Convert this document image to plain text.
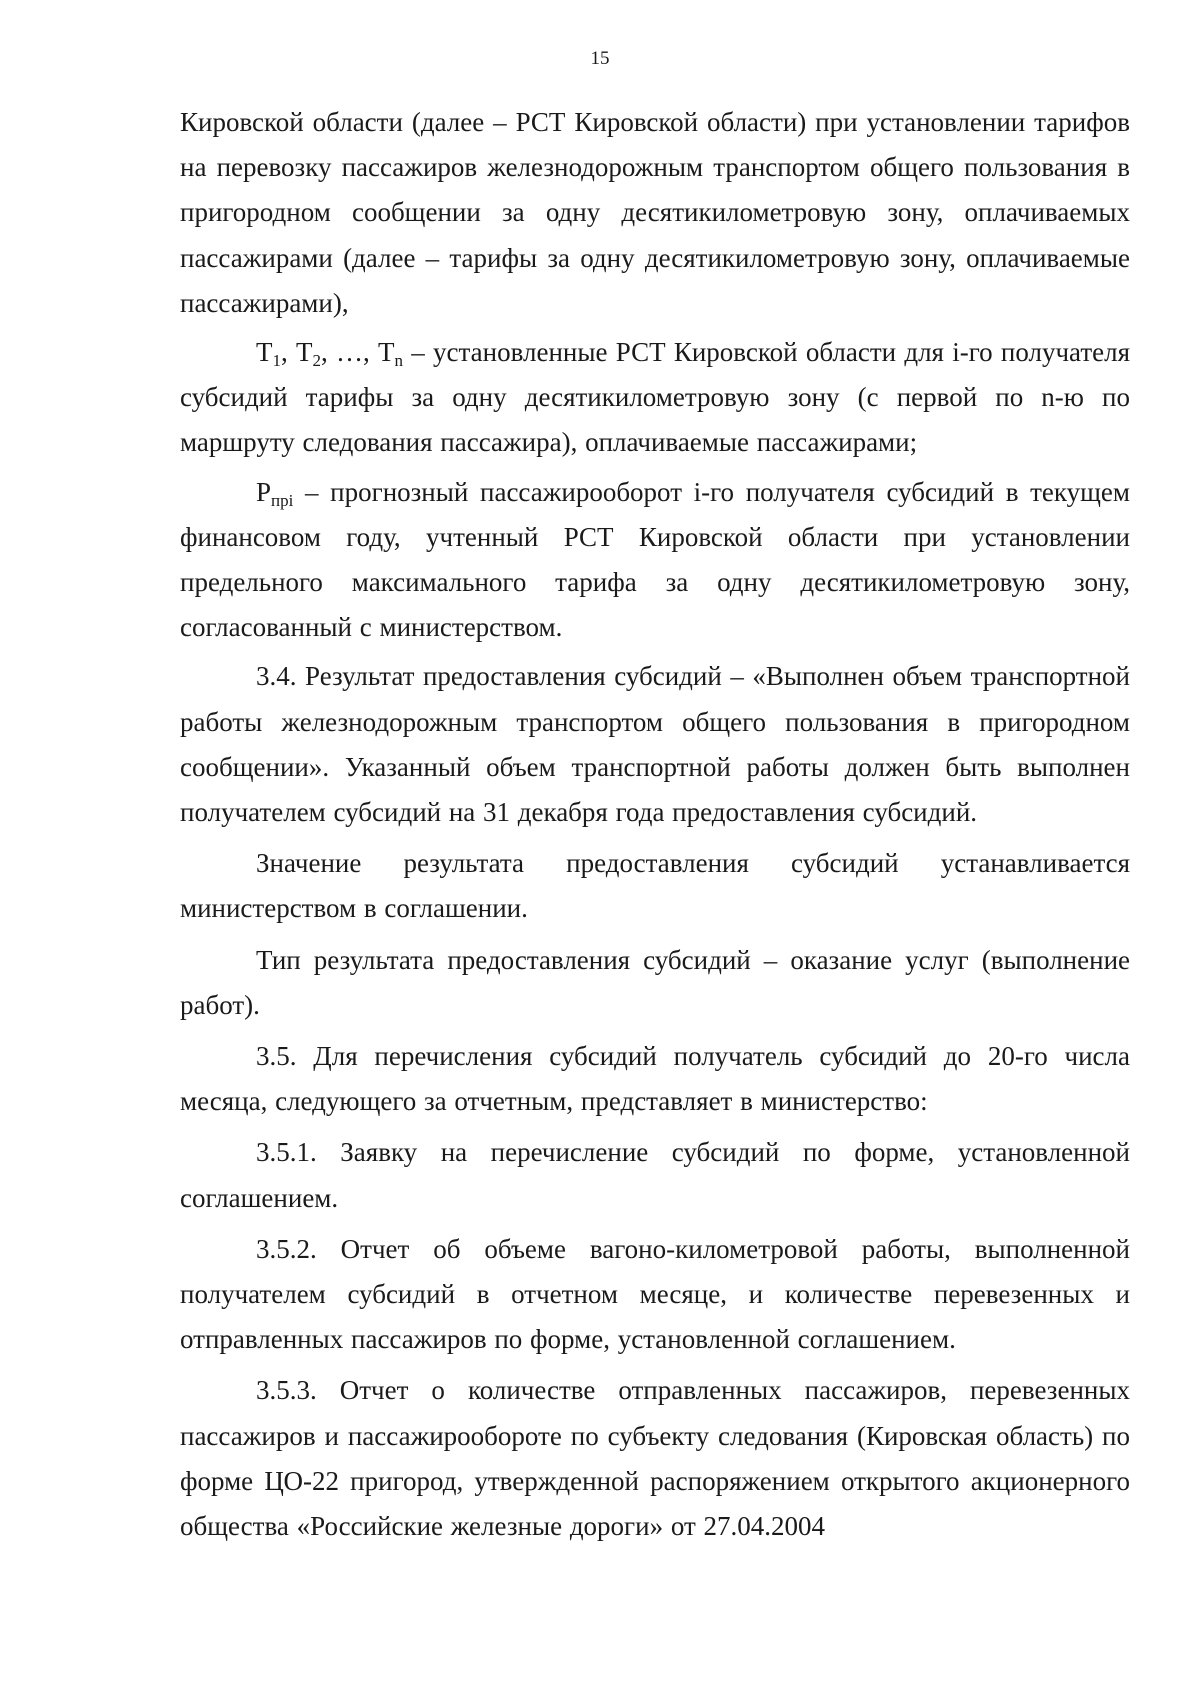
15

Кировской области (далее – РСТ Кировской области) при установлении тарифов на перевозку пассажиров железнодорожным транспортом общего пользования в пригородном сообщении за одну десятикилометровую зону, оплачиваемых пассажирами (далее – тарифы за одну десятикилометровую зону, оплачиваемые пассажирами),

$Т_1$, $Т_2$, …, $Т_n$ – установленные РСТ Кировской области для i-го получателя субсидий тарифы за одну десятикилометровую зону (с первой по n-ю по маршруту следования пассажира), оплачиваемые пассажирами;

$Р_{прi}$ – прогнозный пассажирооборот i-го получателя субсидий в текущем финансовом году, учтенный РСТ Кировской области при установлении предельного максимального тарифа за одну десятикилометровую зону, согласованный с министерством.

3.4. Результат предоставления субсидий – «Выполнен объем транспортной работы железнодорожным транспортом общего пользования в пригородном сообщении». Указанный объем транспортной работы должен быть выполнен получателем субсидий на 31 декабря года предоставления субсидий.

Значение результата предоставления субсидий устанавливается министерством в соглашении.

Тип результата предоставления субсидий – оказание услуг (выполнение работ).

3.5. Для перечисления субсидий получатель субсидий до 20-го числа месяца, следующего за отчетным, представляет в министерство:

3.5.1. Заявку на перечисление субсидий по форме, установленной соглашением.

3.5.2. Отчет об объеме вагоно-километровой работы, выполненной получателем субсидий в отчетном месяце, и количестве перевезенных и отправленных пассажиров по форме, установленной соглашением.

3.5.3. Отчет о количестве отправленных пассажиров, перевезенных пассажиров и пассажирообороте по субъекту следования (Кировская область) по форме ЦО-22 пригород, утвержденной распоряжением открытого акционерного общества «Российские железные дороги» от 27.04.2004
